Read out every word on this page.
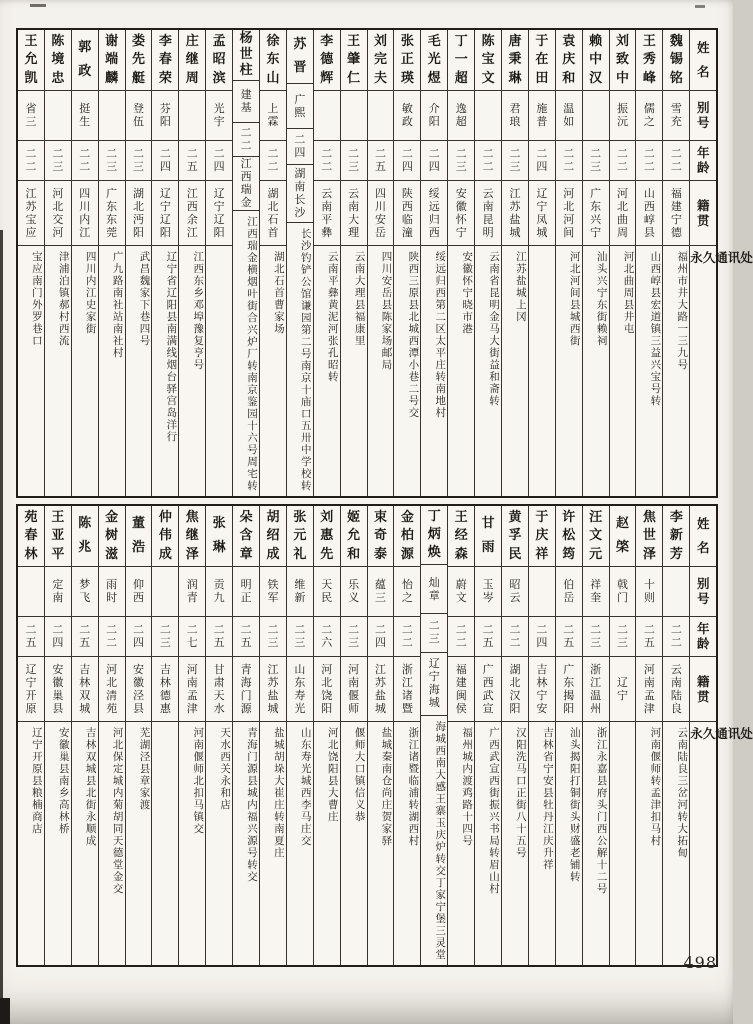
王
允
凯
省
三
二
二
江
苏
宝
应
宝应南门外罗巷口
陈
境
忠
二
三
河
北
交
河
津浦泊镇郝村西流
郭
政
挺
生
二
二
四
川
内
江
四川内江史家街
谢
端
麟
二
三
广
东
东
莞
广九路南社站南社村
娄
先
艇
登
伍
二
三
湖
北
沔
阳
武昌魏家下巷四号
李
春
荣
芬
阳
二
四
辽
宁
辽
阳
辽宁省辽阳县南满线烟台驿宫岛洋行
庄
继
周
二
五
江
西
余
江
江西东乡邓埠豫复亨号
孟
昭
滨
光
宇
二
四
辽
宁
辽
阳
杨
世
柱
建
基
二
二
江
西
瑞
金
江西瑞金横烟叶街合兴炉厂转南京鉴园十六号周宅转
徐
东
山
上
霖
二
二
湖
北
石
首
湖北石首曹家场
苏
晋
广
熙
二
四
湖
南
长
沙
长沙钓铲公馆谦园第二号南京十庙口五卅中学校转
李
德
辉
二
二
云
南
平
彝
云南平彝黄泥河张孔昭转
王
肇
仁
二
三
云
南
大
理
云南大理县福康里
刘
完
夫
二
五
四
川
安
岳
四川安岳县陈家场邮局
张
正
瑛
敏
政
二
四
陕
西
临
潼
陕西三原县北城西潭小巷二号交
毛
光
煜
介
阳
二
四
绥
远
归
西
绥远归西第二区太平庄转南地村
丁
一
超
逸
超
二
三
安
徽
怀
宁
安徽怀宁晓市港
陈
宝
文
二
二
云
南
昆
明
云南省昆明金马大街益和斋转
唐
秉
琳
君
琅
二
三
江
苏
盐
城
江苏盐城上冈
于
在
田
施
普
二
四
辽
宁
凤
城
袁
庆
和
温
如
二
二
河
北
河
间
河北河间县城西街
赖
中
汉
二
三
广
东
兴
宁
汕头兴宁东街赖祠
刘
致
中
振
沅
二
二
河
北
曲
周
河北曲周县井屯
王
秀
峰
儒
之
二
二
山
西
崞
县
山西崞县宏道镇三益兴宝号转
魏
锡
铭
雪
充
二
二
福
建
宁
德
福州市井大路一三九号
姓
名
别
号
年
龄
籍
贯
永 久 通 讯 处
苑
春
林
二
五
辽
宁
开
原
辽宁开原县粮楠商店
王
亚
平
定
南
二
四
安
徽
巢
县
安徽巢县南乡高林桥
陈
兆
梦
飞
二
五
吉
林
双
城
吉林双城县北街永顺成
金
树
滋
雨
时
二
二
河
北
清
苑
河北保定城内菊胡同天德堂金交
董
浩
仰
西
二
四
安
徽
泾
县
芜湖泾县章家渡
仲
伟
成
二
三
吉
林
德
惠
焦
继
泽
润
青
二
七
河
南
孟
津
河南偃师北扣马镇交
张
琳
贡
九
二
五
甘
肃
天
水
天水西关永和店
朵
含
章
明
正
二
五
青
海
门
源
青海门源县城内福兴源号转交
胡
绍
成
铁
军
二
三
江
苏
盐
城
盐城胡垛大崔庄转南夏庄
张
元
礼
维
新
二
三
山
东
寿
光
山东寿光城西李马庄交
刘
惠
先
天
民
二
六
河
北
饶
阳
河北饶阳县大曹庄
姬
允
和
乐
义
二
三
河
南
偃
师
偃师大口镇信义恭
束
奇
泰
蕴
三
二
四
江
苏
盐
城
盐城秦南仓尚庄贺家驿
金
柏
源
怡
之
二
二
浙
江
诸
暨
浙江诸暨临浦转湖西村
丁
炳
焕
灿
章
二
三
辽
宁
海
城
海城西南大感王寨玉庆炉转交丁家宁堡三灵堂
王
经
森
蔚
文
二
二
福
建
闽
侯
福州城内渡鸡路十四号
甘
雨
玉
岑
二
五
广
西
武
宣
广西武宣西街振兴书局转眉山村
黄
孚
民
昭
云
二
二
湖
北
汉
阳
汉阳洗马口正街八十五号
于
庆
祥
二
四
吉
林
宁
安
吉林省宁安县牡丹江庆升祥
许
松
筠
伯
岳
二
五
广
东
揭
阳
汕头揭阳打铜街头财盛老铺转
汪
文
元
祥
奎
二
三
浙
江
温
州
浙江永嘉县府头门西公解十二号
赵
棨
戟
门
二
三
辽
宁
焦
世
泽
十
则
二
五
河
南
孟
津
河南偃师转孟津扣马村
李
新
芳
二
二
云
南
陆
良
云南陆良三岔河转大拓甸
姓
名
别
号
年
龄
籍
贯
永 久 通 讯 处
498
